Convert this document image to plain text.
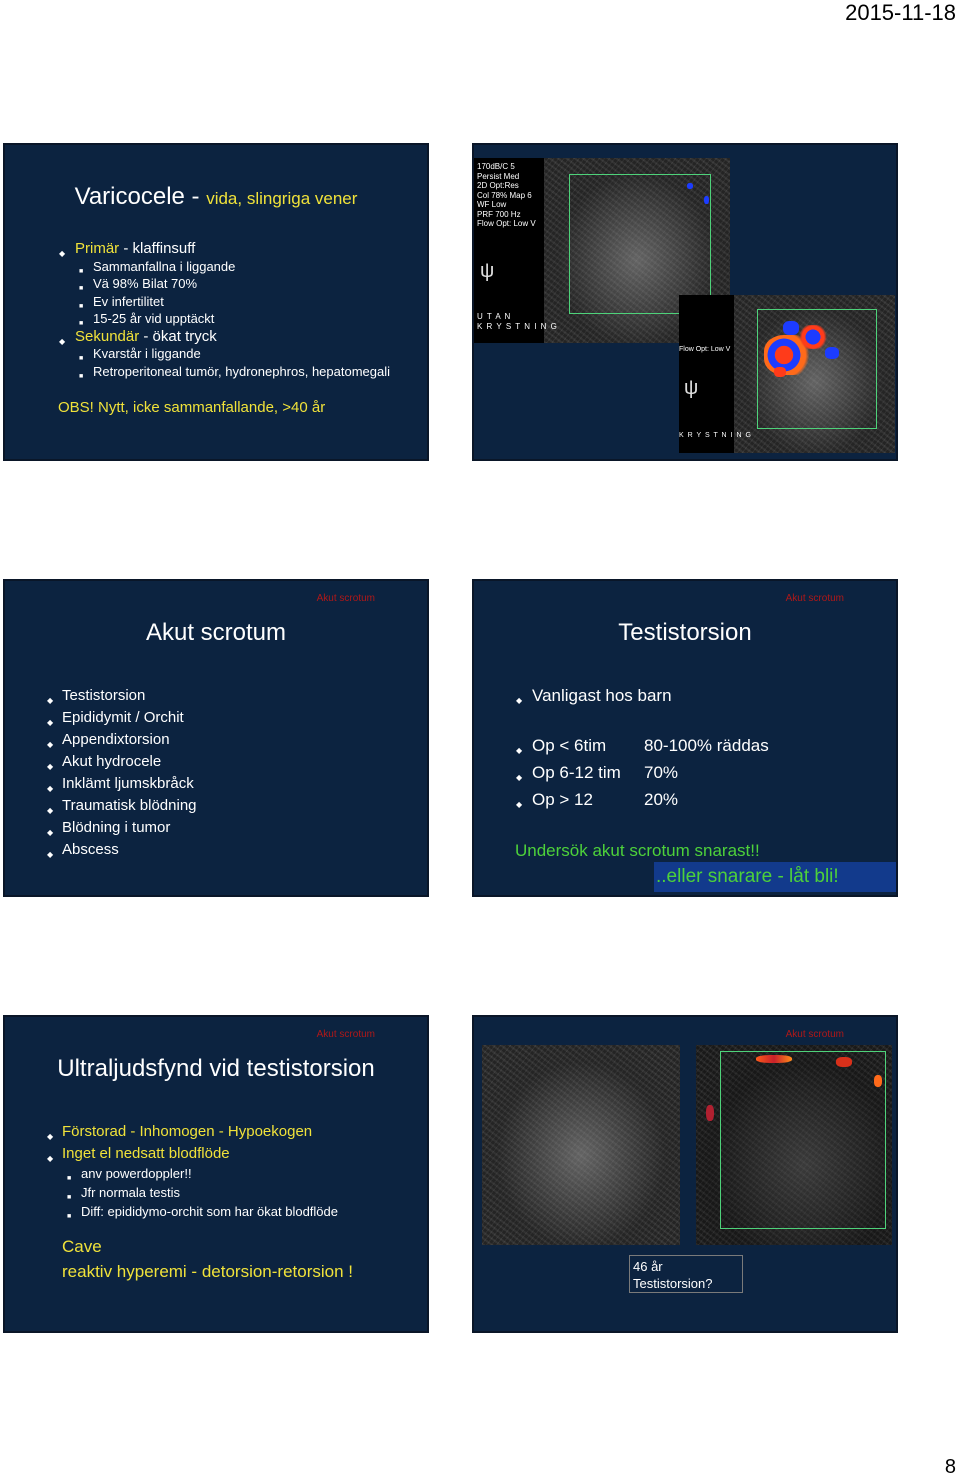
2015-11-18
Varicocele - vida, slingriga vener
◆ Primär - klaffinsuff
■ Sammanfallna i liggande
■ Vä 98% Bilat 70%
■ Ev infertilitet
■ 15-25 år vid upptäckt
◆ Sekundär - ökat tryck
■ Kvarstår i liggande
■ Retroperitoneal tumör, hydronephros, hepatomegali
OBS! Nytt, icke sammanfallande, >40 år
170dB/C 5
Persist Med
2D Opt:Res
Col 78% Map 6
WF Low
PRF 700 Hz
Flow Opt: Low V
ψ
U T A N
K R Y S T N I N G
Flow Opt: Low V
ψ
K R Y S T N I N G
Akut scrotum
Akut scrotum
◆ Testistorsion
◆ Epididymit / Orchit
◆ Appendixtorsion
◆ Akut hydrocele
◆ Inklämt ljumskbråck
◆ Traumatisk blödning
◆ Blödning i tumor
◆ Abscess
Akut scrotum
Testistorsion
◆ Vanligast hos barn
◆ Op < 6tim 80-100% räddas
◆ Op 6-12 tim 70%
◆ Op > 12	20%
Undersök akut scrotum snarast!!
..eller snarare - låt bli!
Akut scrotum
Ultraljudsfynd vid testistorsion
◆ Förstorad - Inhomogen - Hypoekogen
◆ Inget el nedsatt blodflöde
■ anv powerdoppler!!
■ Jfr normala testis
■ Diff: epididymo-orchit som har ökat blodflöde
Cave
reaktiv hyperemi - detorsion-retorsion !
Akut scrotum
46 år
Testistorsion?
8
